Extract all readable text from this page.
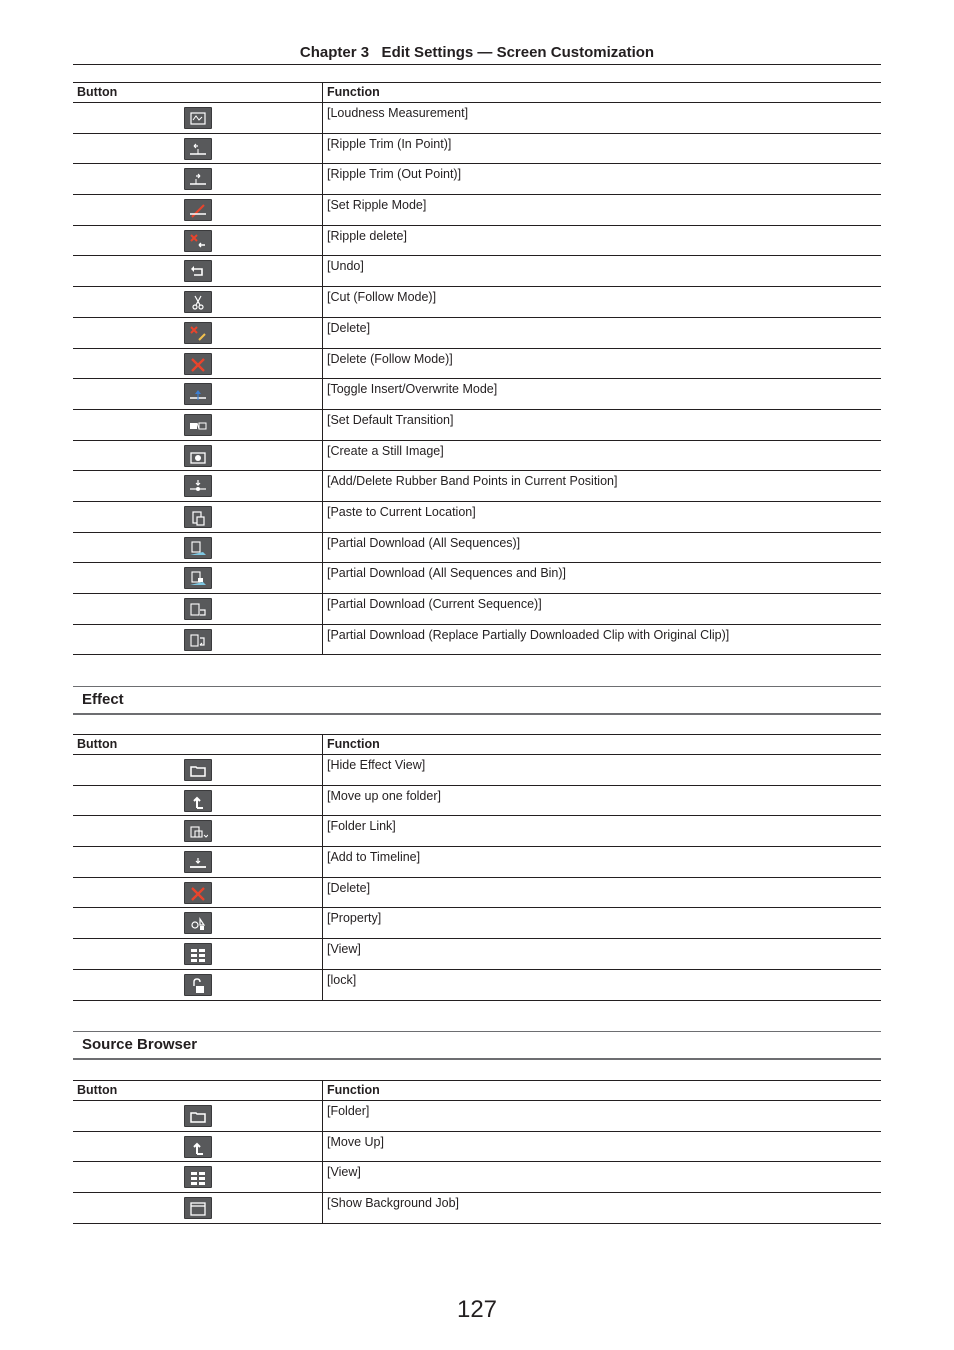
Chapter 3   Edit Settings — Screen Customization
Button	Function

	[Loudness Measurement]

	[Ripple Trim (In Point)]

	[Ripple Trim (Out Point)]

	[Set Ripple Mode]

	[Ripple delete]

	[Undo]

	[Cut (Follow Mode)]

	[Delete]

	[Delete (Follow Mode)]

	[Toggle Insert/Overwrite Mode]

	[Set Default Transition]

	[Create a Still Image]

	[Add/Delete Rubber Band Points in Current Position]

	[Paste to Current Location]

	[Partial Download (All Sequences)]

	[Partial Download (All Sequences and Bin)]

	[Partial Download (Current Sequence)]

	[Partial Download (Replace Partially Downloaded Clip with Original Clip)]
Effect
Button	Function

	[Hide Effect View]

	[Move up one folder]

	[Folder Link]

	[Add to Timeline]

	[Delete]

	[Property]

	[View]

	[lock]
Source Browser
Button	Function

	[Folder]

	[Move Up]

	[View]

	[Show Background Job]
127
